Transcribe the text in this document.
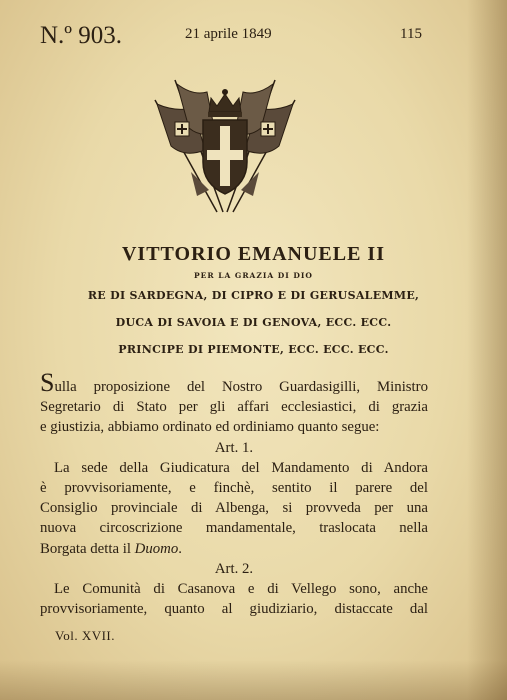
N.º 903.	21 aprile 1849	115
VITTORIO EMANUELE II
PER LA GRAZIA DI DIO
RE DI SARDEGNA, DI CIPRO E DI GERUSALEMME,
DUCA DI SAVOIA E DI GENOVA, ECC. ECC.
PRINCIPE DI PIEMONTE, ECC. ECC. ECC.

Sulla proposizione del Nostro Guardasigilli, Ministro
Segretario di Stato per gli affari ecclesiastici, di grazia
e giustizia, abbiamo ordinato ed ordiniamo quanto segue:

Art. 1.

La sede della Giudicatura del Mandamento di Andora
è provvisoriamente, e finchè, sentito il parere del
Consiglio provinciale di Albenga, si provveda per una
nuova circoscrizione mandamentale, traslocata nella
Borgata detta il Duomo.

Art. 2.

Le Comunità di Casanova e di Vellego sono, anche
provvisoriamente, quanto al giudiziario, distaccate dal

Vol. XVII.
